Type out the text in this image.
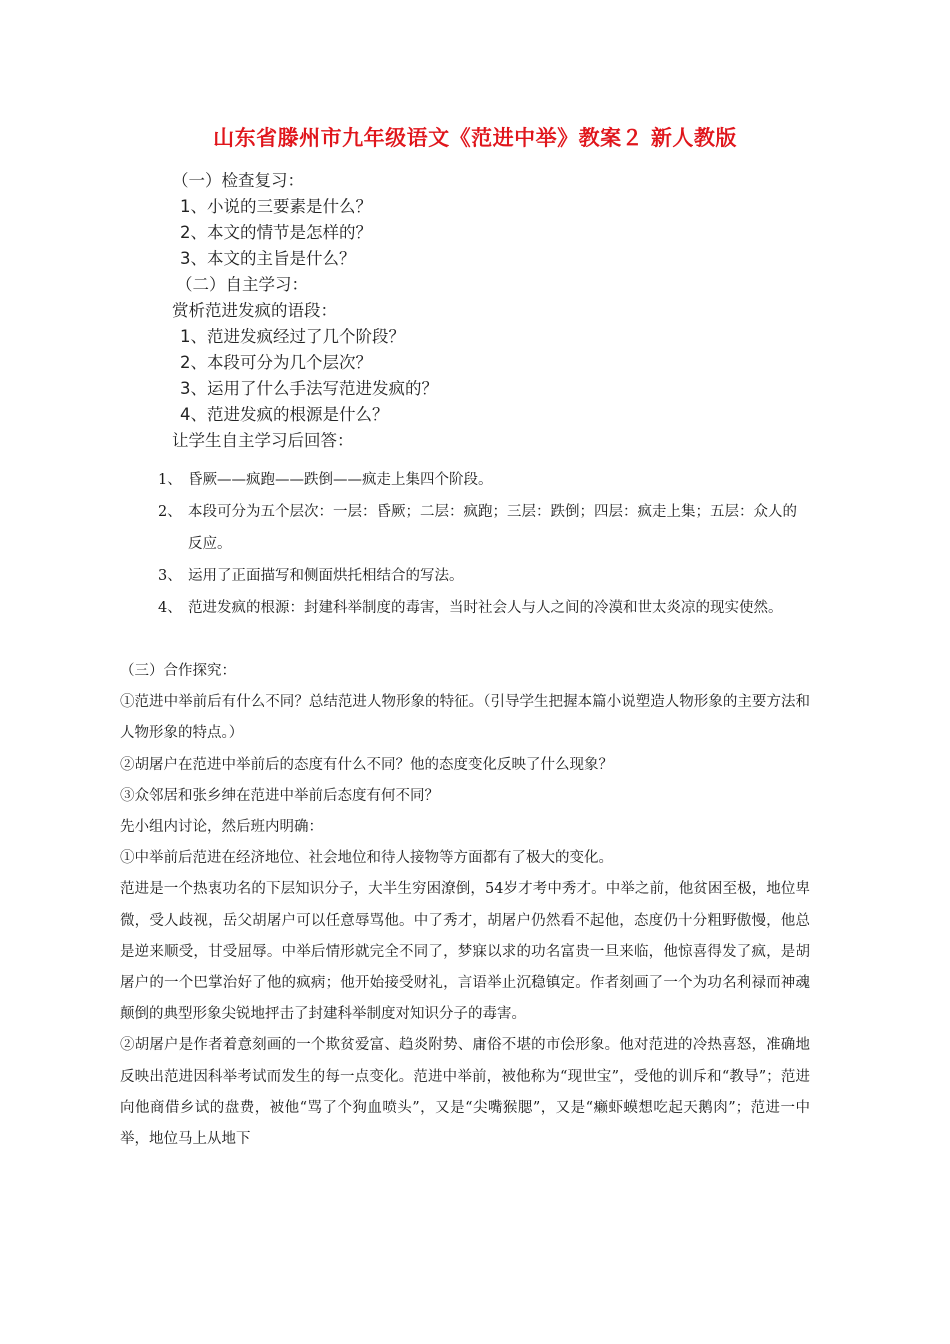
山东省滕州市九年级语文《范进中举》教案２ 新人教版
（一）检查复习：
1、小说的三要素是什么？
2、本文的情节是怎样的？
3、本文的主旨是什么？
（二）自主学习：
赏析范进发疯的语段：
1、范进发疯经过了几个阶段？
2、本段可分为几个层次？
3、运用了什么手法写范进发疯的？
4、范进发疯的根源是什么？
让学生自主学习后回答：
1、 昏厥——疯跑——跌倒——疯走上集四个阶段。
2、 本段可分为五个层次：一层：昏厥；二层：疯跑；三层：跌倒；四层：疯走上集；五层：众人的反应。
3、 运用了正面描写和侧面烘托相结合的写法。
4、 范进发疯的根源：封建科举制度的毒害，当时社会人与人之间的冷漠和世太炎凉的现实使然。

（三）合作探究：

①范进中举前后有什么不同？总结范进人物形象的特征。（引导学生把握本篇小说塑造人物形象的主要方法和人物形象的特点。）

②胡屠户在范进中举前后的态度有什么不同？他的态度变化反映了什么现象？

③众邻居和张乡绅在范进中举前后态度有何不同？

先小组内讨论，然后班内明确：

①中举前后范进在经济地位、社会地位和待人接物等方面都有了极大的变化。

范进是一个热衷功名的下层知识分子，大半生穷困潦倒，54岁才考中秀才。中举之前，他贫困至极，地位卑微，受人歧视，岳父胡屠户可以任意辱骂他。中了秀才，胡屠户仍然看不起他，态度仍十分粗野傲慢，他总是逆来顺受，甘受屈辱。中举后情形就完全不同了，梦寐以求的功名富贵一旦来临，他惊喜得发了疯，是胡屠户的一个巴掌治好了他的疯病；他开始接受财礼，言语举止沉稳镇定。作者刻画了一个为功名利禄而神魂颠倒的典型形象尖锐地抨击了封建科举制度对知识分子的毒害。

②胡屠户是作者着意刻画的一个欺贫爱富、趋炎附势、庸俗不堪的市侩形象。他对范进的冷热喜怒，准确地反映出范进因科举考试而发生的每一点变化。范进中举前，被他称为“现世宝”，受他的训斥和“教导”；范进向他商借乡试的盘费，被他“骂了个狗血喷头”，又是“尖嘴猴腮”，又是“癞虾蟆想吃起天鹅肉”；范进一中举，地位马上从地下
